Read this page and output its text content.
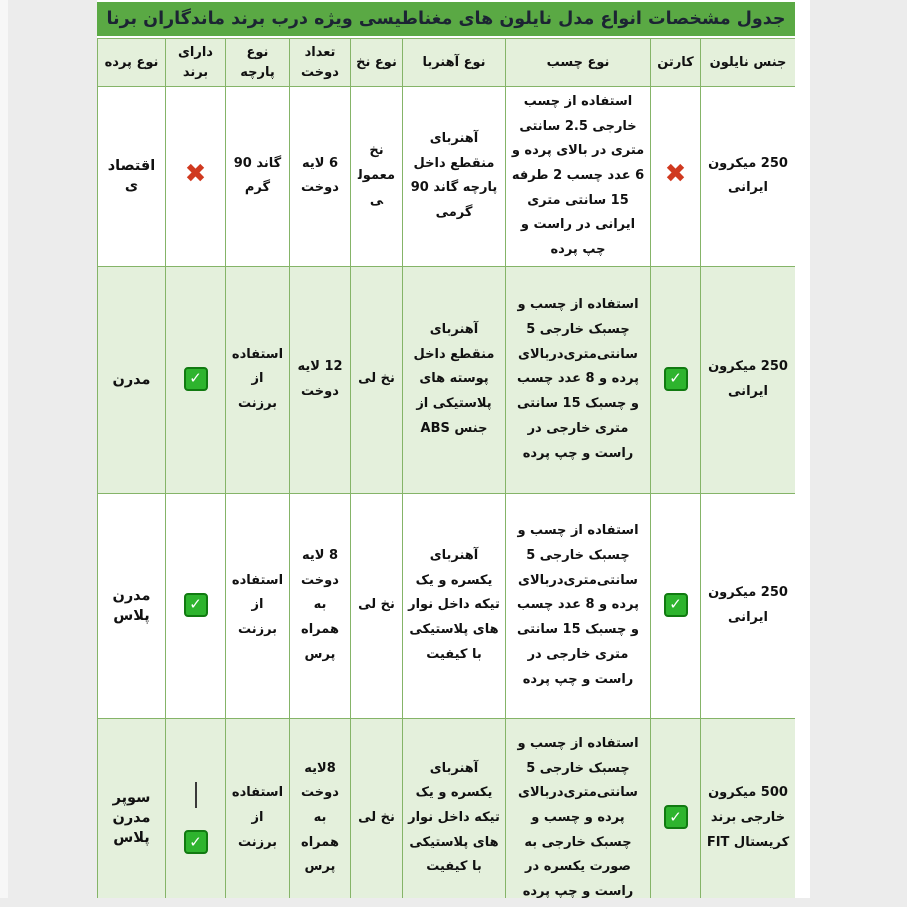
جدول مشخصات انواع مدل نایلون های مغناطیسی ویژه درب برند ماندگاران برنا
جنس نایلون	کارتن	نوع چسب	نوع آهنربا	نوع نخ	تعداد دوخت	نوع پارچه	دارای برند	نوع پرده
250 میکرون ایرانی	✖	استفاده از چسب خارجی 2.5 سانتی متری در بالای پرده و 6 عدد چسب 2 طرفه 15 سانتی متری ایرانی در راست و چپ پرده	آهنربای منقطع داخل پارچه گاند 90 گرمی	نخ معمولی	6 لایه دوخت	گاند 90 گرم	✖	اقتصادی
250 میکرون ایرانی	✓	استفاده از چسب و چسبک خارجی 5 سانتی‌متری‌دربالای پرده و 8 عدد چسب و چسبک 15 سانتی متری خارجی در راست و چپ پرده	آهنربای منقطع داخل پوسته های پلاستیکی از جنس ABS	نخ لی	12 لایه دوخت	استفاده از برزنت	✓	مدرن
250 میکرون ایرانی	✓	استفاده از چسب و چسبک خارجی 5 سانتی‌متری‌دربالای پرده و 8 عدد چسب و چسبک 15 سانتی متری خارجی در راست و چپ پرده	آهنربای یکسره و یک تیکه داخل نوار های پلاستیکی با کیفیت	نخ لی	8 لایه دوخت به همراه پرس	استفاده از برزنت	✓	مدرن پلاس
500 میکرون خارجی برند کریستال FIT	✓	استفاده از چسب و چسبک خارجی 5 سانتی‌متری‌دربالای پرده و چسب و چسبک خارجی به صورت یکسره در راست و چپ پرده	آهنربای یکسره و یک تیکه داخل نوار های پلاستیکی با کیفیت	نخ لی	8لایه دوخت به همراه پرس	استفاده از برزنت	✓	سوپر مدرن پلاس
